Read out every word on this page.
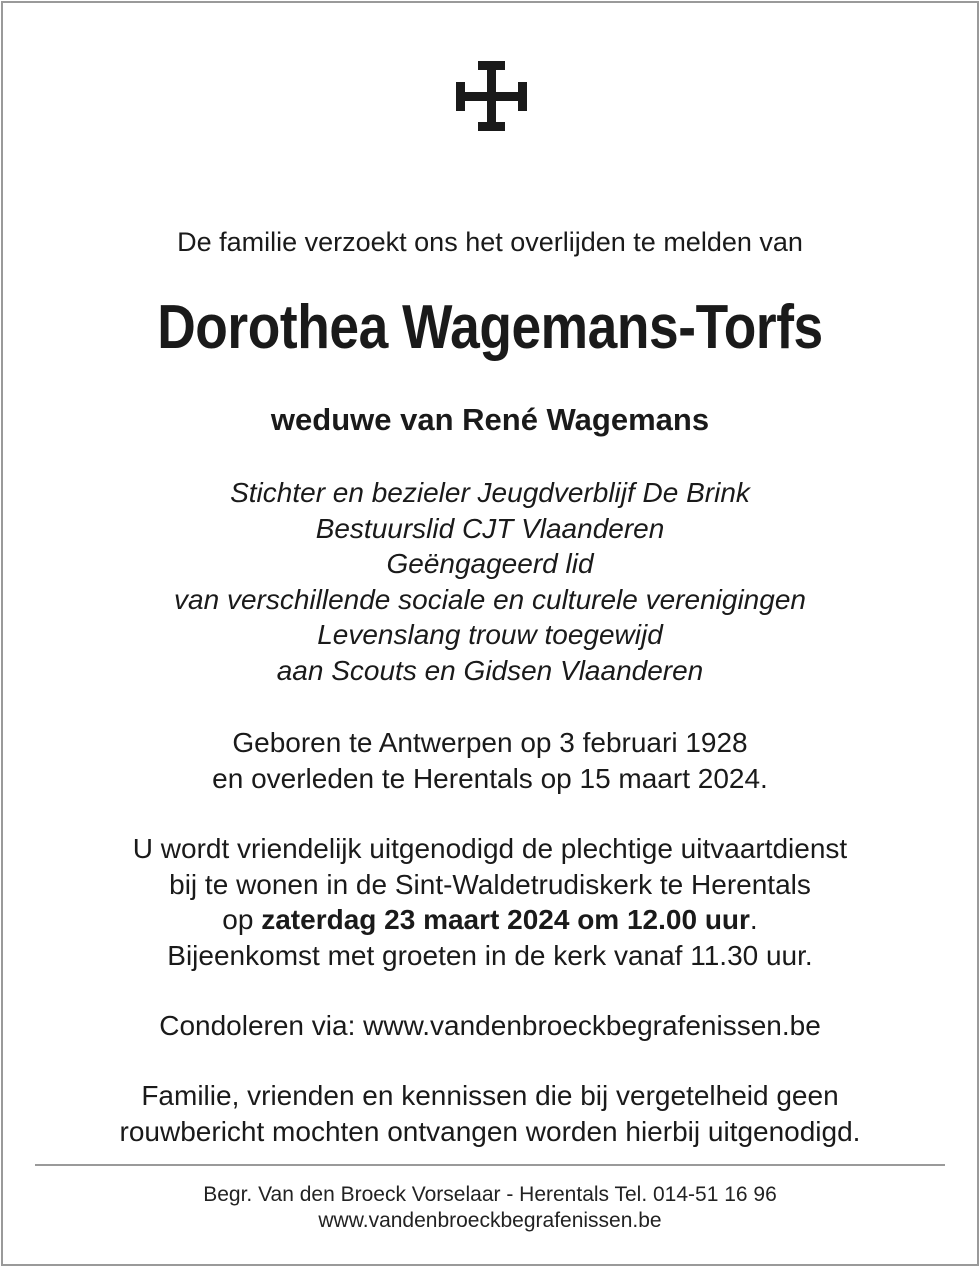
De familie verzoekt ons het overlijden te melden van
Dorothea Wagemans-Torfs
weduwe van René Wagemans
Stichter en bezieler Jeugdverblijf De Brink
Bestuurslid CJT Vlaanderen
Geëngageerd lid
van verschillende sociale en culturele verenigingen
Levenslang trouw toegewijd
aan Scouts en Gidsen Vlaanderen
Geboren te Antwerpen op 3 februari 1928
en overleden te Herentals op 15 maart 2024.
U wordt vriendelijk uitgenodigd de plechtige uitvaartdienst
bij te wonen in de Sint-Waldetrudiskerk te Herentals
op zaterdag 23 maart 2024 om 12.00 uur.
Bijeenkomst met groeten in de kerk vanaf 11.30 uur.
Condoleren via: www.vandenbroeckbegrafenissen.be
Familie, vrienden en kennissen die bij vergetelheid geen
rouwbericht mochten ontvangen worden hierbij uitgenodigd.
Begr. Van den Broeck Vorselaar - Herentals Tel. 014-51 16 96
www.vandenbroeckbegrafenissen.be
